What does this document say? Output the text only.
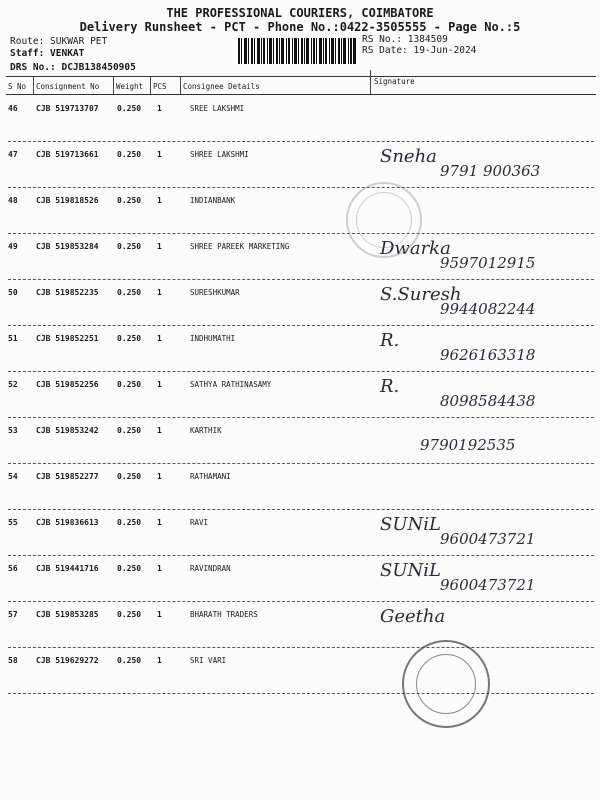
THE PROFESSIONAL COURIERS, COIMBATORE
Delivery Runsheet - PCT - Phone No.:0422-3505555 - Page No.:5
Route: SUKWAR PET
Staff: VENKAT
DRS No.: DCJB138450905
RS No.: 1384509
RS Date: 19-Jun-2024
S No Consignment No Weight PCS Consignee Details
Signature
46 CJB 519713707 0.250 1	SREE LAKSHMI
47 CJB 519713661 0.250 1	SHREE LAKSHMI	Sneha
9791 900363
48 CJB 519818526 0.250 1	INDIANBANK
49 CJB 519853284 0.250 1	SHREE PAREEK MARKETING	Dwarka
9597012915
50 CJB 519852235 0.250 1	SURESHKUMAR	S.Suresh
9944082244
51 CJB 519852251 0.250 1	INDHUMATHI	R.
9626163318
52 CJB 519852256 0.250 1	SATHYA RATHINASAMY	R.
8098584438
53 CJB 519853242 0.250 1	KARTHIK
9790192535
54 CJB 519852277 0.250 1	RATHAMANI
55 CJB 519836613 0.250 1	RAVI	SUNiL
9600473721
56 CJB 519441716 0.250 1	RAVINDRAN	SUNiL
9600473721
57 CJB 519853285 0.250 1	BHARATH TRADERS	Geetha
58 CJB 519629272 0.250 1	SRI VARI
